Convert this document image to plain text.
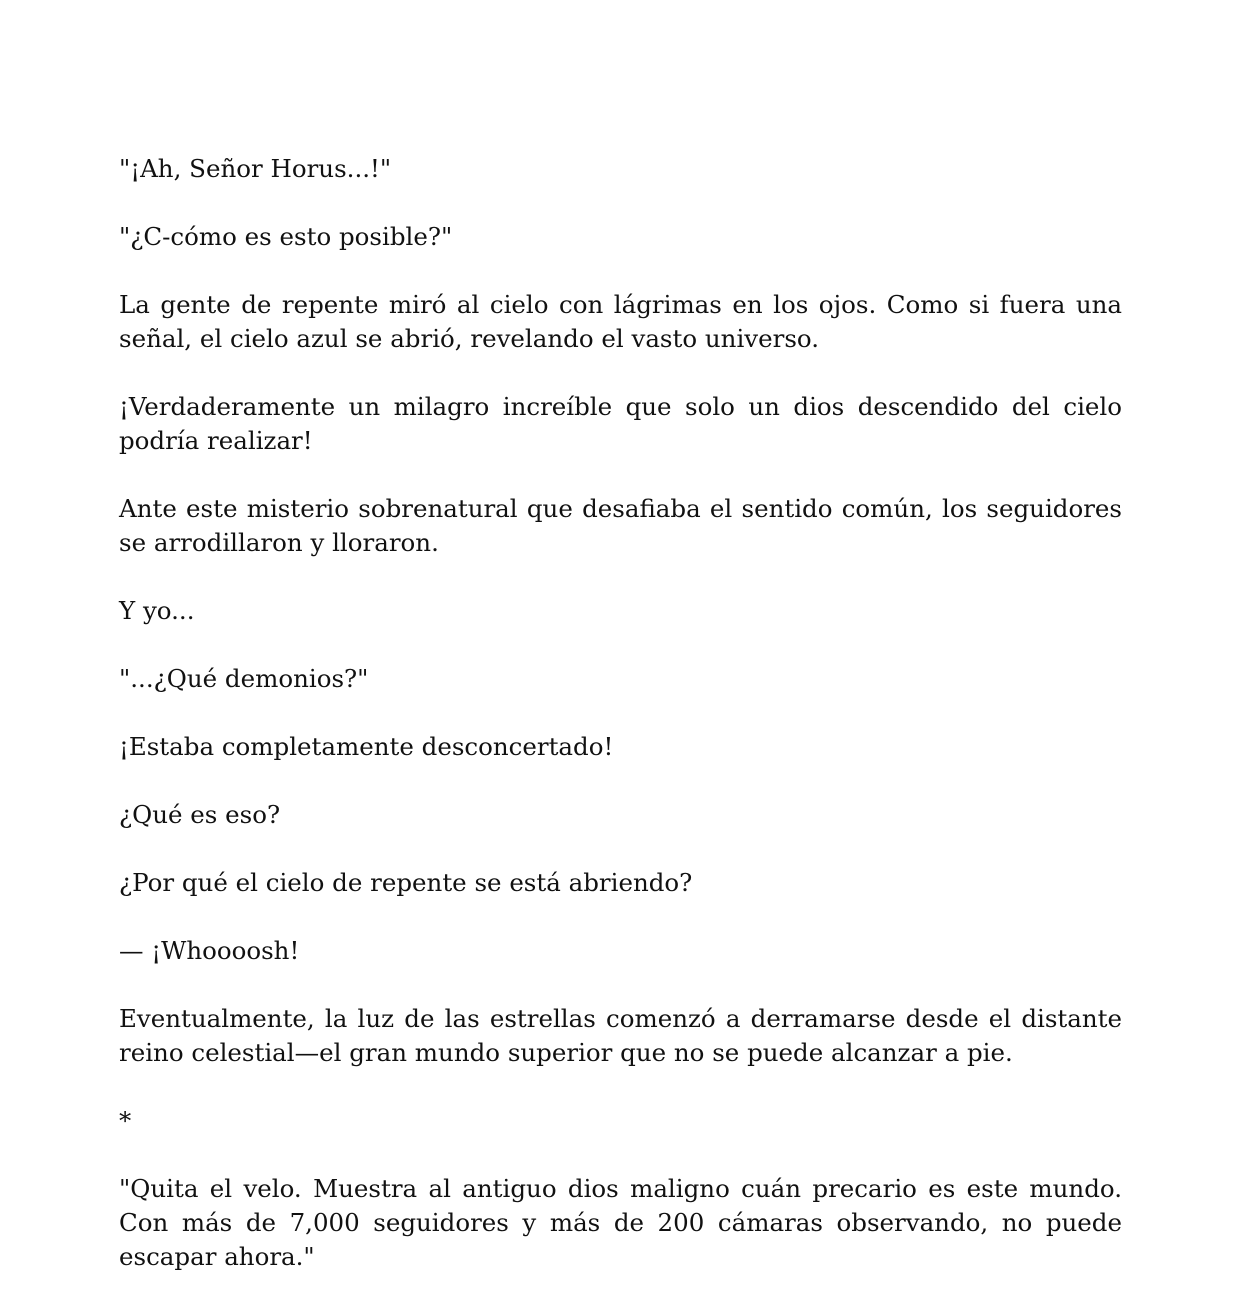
"¡Ah, Señor Horus...!"

"¿C-cómo es esto posible?"

La gente de repente miró al cielo con lágrimas en los ojos. Como si fuera una señal, el cielo azul se abrió, revelando el vasto universo.

¡Verdaderamente un milagro increíble que solo un dios descendido del cielo podría realizar!

Ante este misterio sobrenatural que desafiaba el sentido común, los seguidores se arrodillaron y lloraron.

Y yo...

"...¿Qué demonios?"

¡Estaba completamente desconcertado!

¿Qué es eso?

¿Por qué el cielo de repente se está abriendo?

— ¡Whoooosh!

Eventualmente, la luz de las estrellas comenzó a derramarse desde el distante reino celestial—el gran mundo superior que no se puede alcanzar a pie.

*

"Quita el velo. Muestra al antiguo dios maligno cuán precario es este mundo. Con más de 7,000 seguidores y más de 200 cámaras observando, no puede escapar ahora."
